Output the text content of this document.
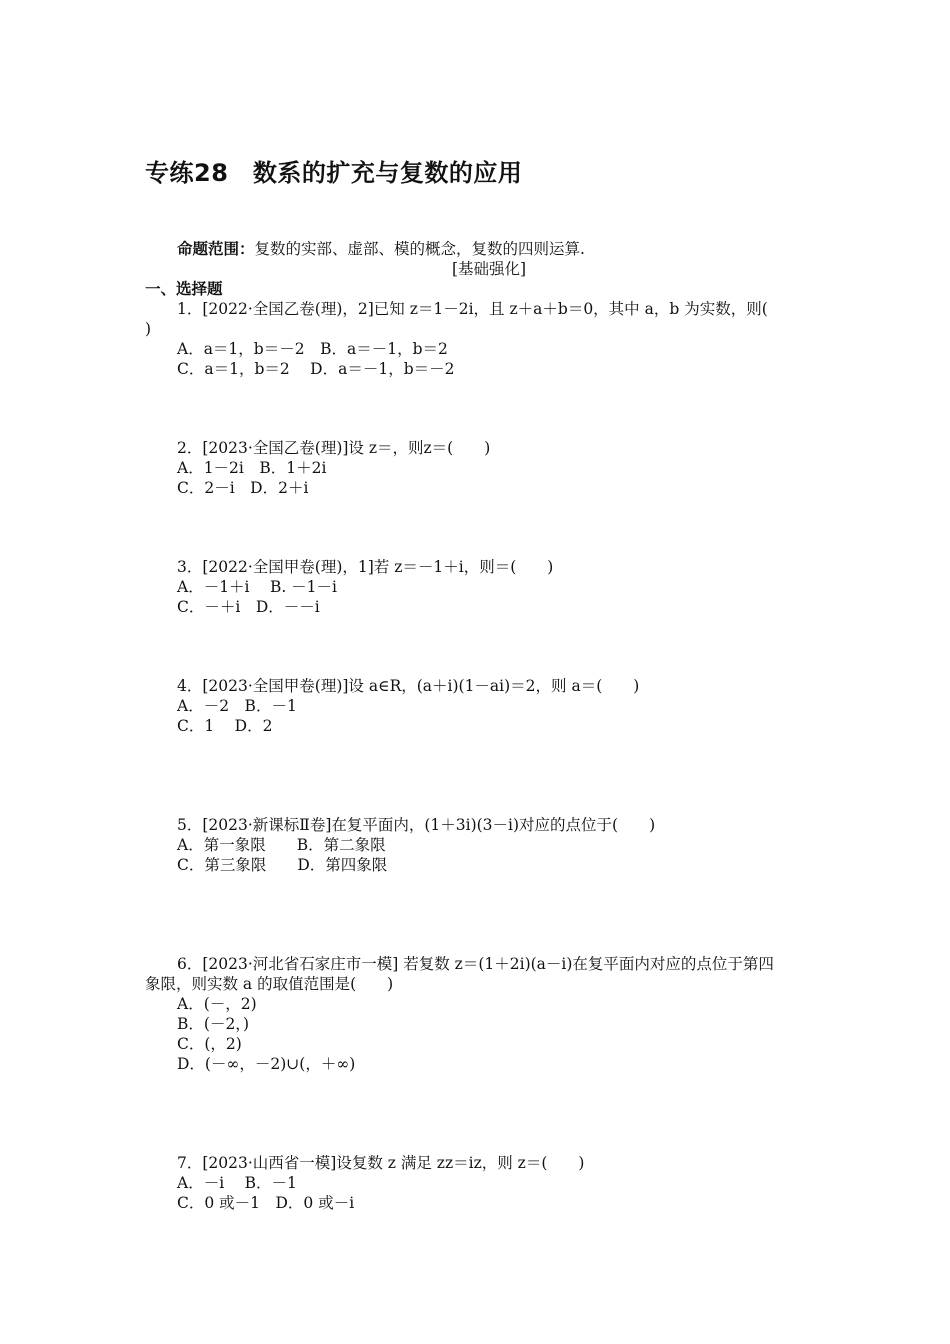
专练28　数系的扩充与复数的应用
命题范围：复数的实部、虚部、模的概念，复数的四则运算.
[基础强化]
一、选择题
1．[2022·全国乙卷(理)，2]已知 z＝1－2i，且 z＋a＋b＝0，其中 a，b 为实数，则(
)
A．a＝1，b＝－2　B．a＝－1，b＝2
C．a＝1，b＝2　 D．a＝－1，b＝－2
2．[2023·全国乙卷(理)]设 z＝，则z＝(　　)
A．1－2i　B．1＋2i
C．2－i　D．2＋i
3．[2022·全国甲卷(理)，1]若 z＝－1＋i，则＝(　　)
A．－1＋i　 B. －1－i
C．－＋i　D．－－i
4．[2023·全国甲卷(理)]设 a∈R，(a＋i)(1－ai)＝2，则 a＝(　　)
A．－2　B．－1
C．1　 D．2
5．[2023·新课标Ⅱ卷]在复平面内，(1＋3i)(3－i)对应的点位于(　　)
A．第一象限　　B．第二象限
C．第三象限　　D．第四象限
6．[2023·河北省石家庄市一模] 若复数 z＝(1＋2i)(a－i)在复平面内对应的点位于第四
象限，则实数 a 的取值范围是(　　)
A．(－，2)
B．(－2，)
C．(，2)
D．(－∞，－2)∪(，＋∞)
7．[2023·山西省一模]设复数 z 满足 zz＝iz，则 z＝(　　)
A．－i　 B．－1
C．0 或－1　D．0 或－i
